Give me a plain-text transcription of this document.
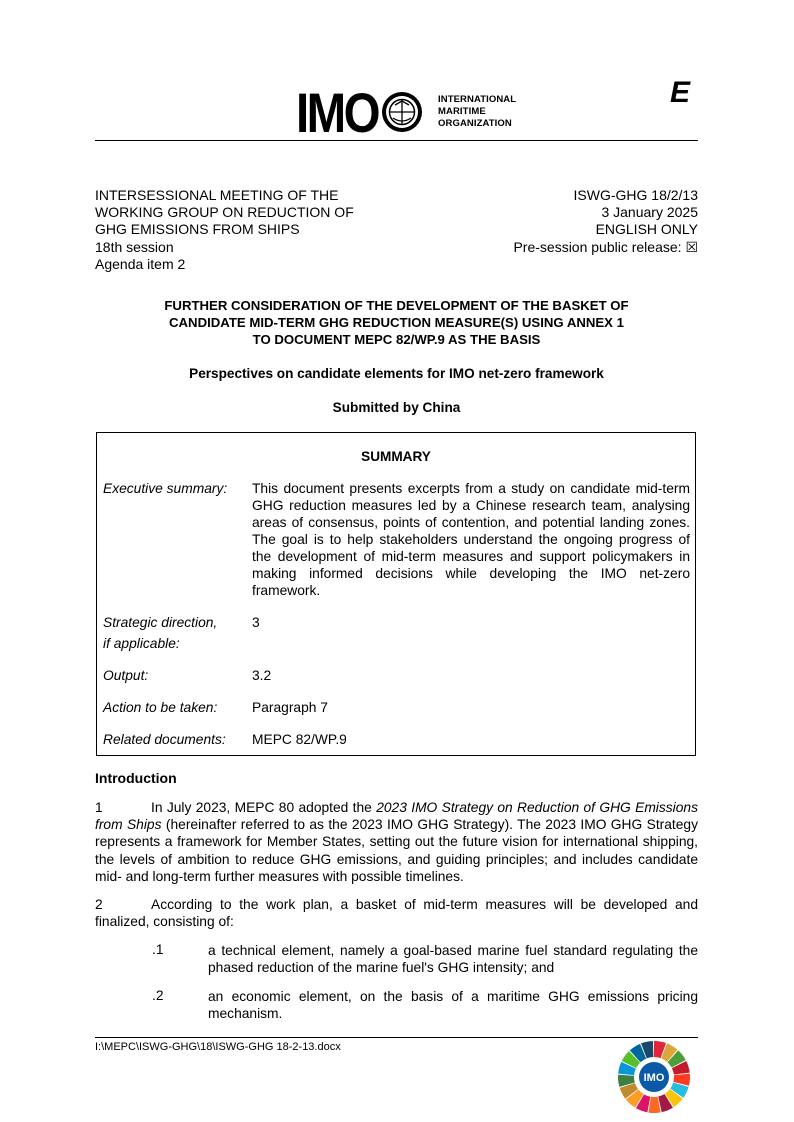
E
IMO	INTERNATIONAL
MARITIME
ORGANIZATION
INTERSESSIONAL MEETING OF THE
WORKING GROUP ON REDUCTION OF
GHG EMISSIONS FROM SHIPS
18th session
Agenda item 2
ISWG-GHG 18/2/13
3 January 2025
ENGLISH ONLY
Pre-session public release: ☒
FURTHER CONSIDERATION OF THE DEVELOPMENT OF THE BASKET OF
CANDIDATE MID-TERM GHG REDUCTION MEASURE(S) USING ANNEX 1
TO DOCUMENT MEPC 82/WP.9 AS THE BASIS
Perspectives on candidate elements for IMO net-zero framework
Submitted by China
SUMMARY
Executive summary: This document presents excerpts from a study on candidate mid-term GHG reduction measures led by a Chinese research team, analysing areas of consensus, points of contention, and potential landing zones. The goal is to help stakeholders understand the ongoing progress of the development of mid-term measures and support policymakers in making informed decisions while developing the IMO net-zero framework.
Strategic direction,
if applicable:
3
Output:	3.2
Action to be taken:	Paragraph 7
Related documents: MEPC 82/WP.9
Introduction
1	In July 2023, MEPC 80 adopted the 2023 IMO Strategy on Reduction of GHG Emissions from Ships (hereinafter referred to as the 2023 IMO GHG Strategy). The 2023 IMO GHG Strategy represents a framework for Member States, setting out the future vision for international shipping, the levels of ambition to reduce GHG emissions, and guiding principles; and includes candidate mid- and long-term further measures with possible timelines.
2	According to the work plan, a basket of mid-term measures will be developed and finalized, consisting of:
.1	a technical element, namely a goal-based marine fuel standard regulating the phased reduction of the marine fuel's GHG intensity; and
.2	an economic element, on the basis of a maritime GHG emissions pricing mechanism.
I:\MEPC\ISWG-GHG\18\ISWG-GHG 18-2-13.docx
IMO
